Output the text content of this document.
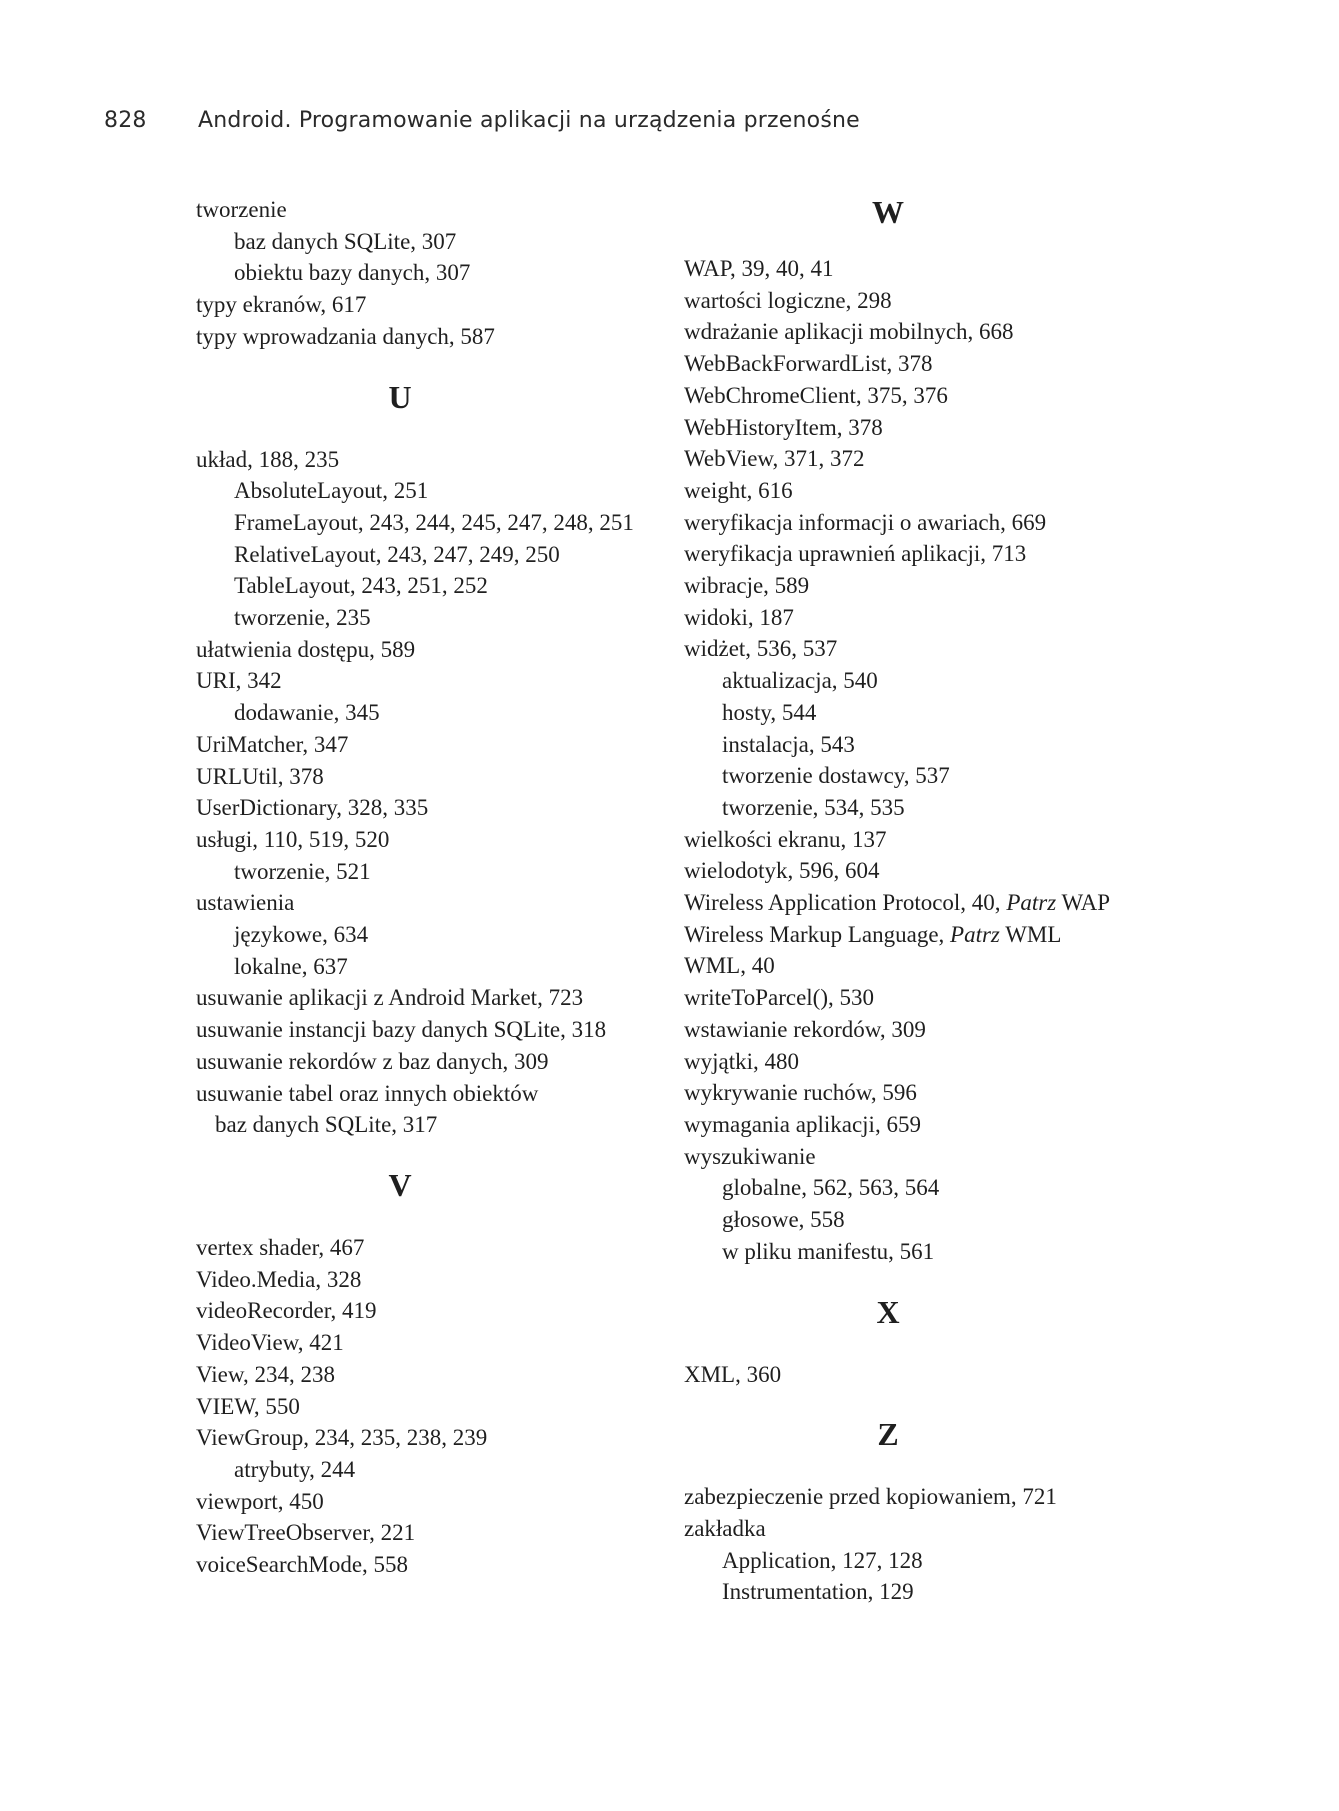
828 Android. Programowanie aplikacji na urządzenia przenośne
tworzenie
baz danych SQLite, 307
obiektu bazy danych, 307
typy ekranów, 617
typy wprowadzania danych, 587
U
układ, 188, 235
AbsoluteLayout, 251
FrameLayout, 243, 244, 245, 247, 248, 251
RelativeLayout, 243, 247, 249, 250
TableLayout, 243, 251, 252
tworzenie, 235
ułatwienia dostępu, 589
URI, 342
dodawanie, 345
UriMatcher, 347
URLUtil, 378
UserDictionary, 328, 335
usługi, 110, 519, 520
tworzenie, 521
ustawienia
językowe, 634
lokalne, 637
usuwanie aplikacji z Android Market, 723
usuwanie instancji bazy danych SQLite, 318
usuwanie rekordów z baz danych, 309
usuwanie tabel oraz innych obiektów
baz danych SQLite, 317
V
vertex shader, 467
Video.Media, 328
videoRecorder, 419
VideoView, 421
View, 234, 238
VIEW, 550
ViewGroup, 234, 235, 238, 239
atrybuty, 244
viewport, 450
ViewTreeObserver, 221
voiceSearchMode, 558
W
WAP, 39, 40, 41
wartości logiczne, 298
wdrażanie aplikacji mobilnych, 668
WebBackForwardList, 378
WebChromeClient, 375, 376
WebHistoryItem, 378
WebView, 371, 372
weight, 616
weryfikacja informacji o awariach, 669
weryfikacja uprawnień aplikacji, 713
wibracje, 589
widoki, 187
widżet, 536, 537
aktualizacja, 540
hosty, 544
instalacja, 543
tworzenie dostawcy, 537
tworzenie, 534, 535
wielkości ekranu, 137
wielodotyk, 596, 604
Wireless Application Protocol, 40, Patrz WAP
Wireless Markup Language, Patrz WML
WML, 40
writeToParcel(), 530
wstawianie rekordów, 309
wyjątki, 480
wykrywanie ruchów, 596
wymagania aplikacji, 659
wyszukiwanie
globalne, 562, 563, 564
głosowe, 558
w pliku manifestu, 561
X
XML, 360
Z
zabezpieczenie przed kopiowaniem, 721
zakładka
Application, 127, 128
Instrumentation, 129
